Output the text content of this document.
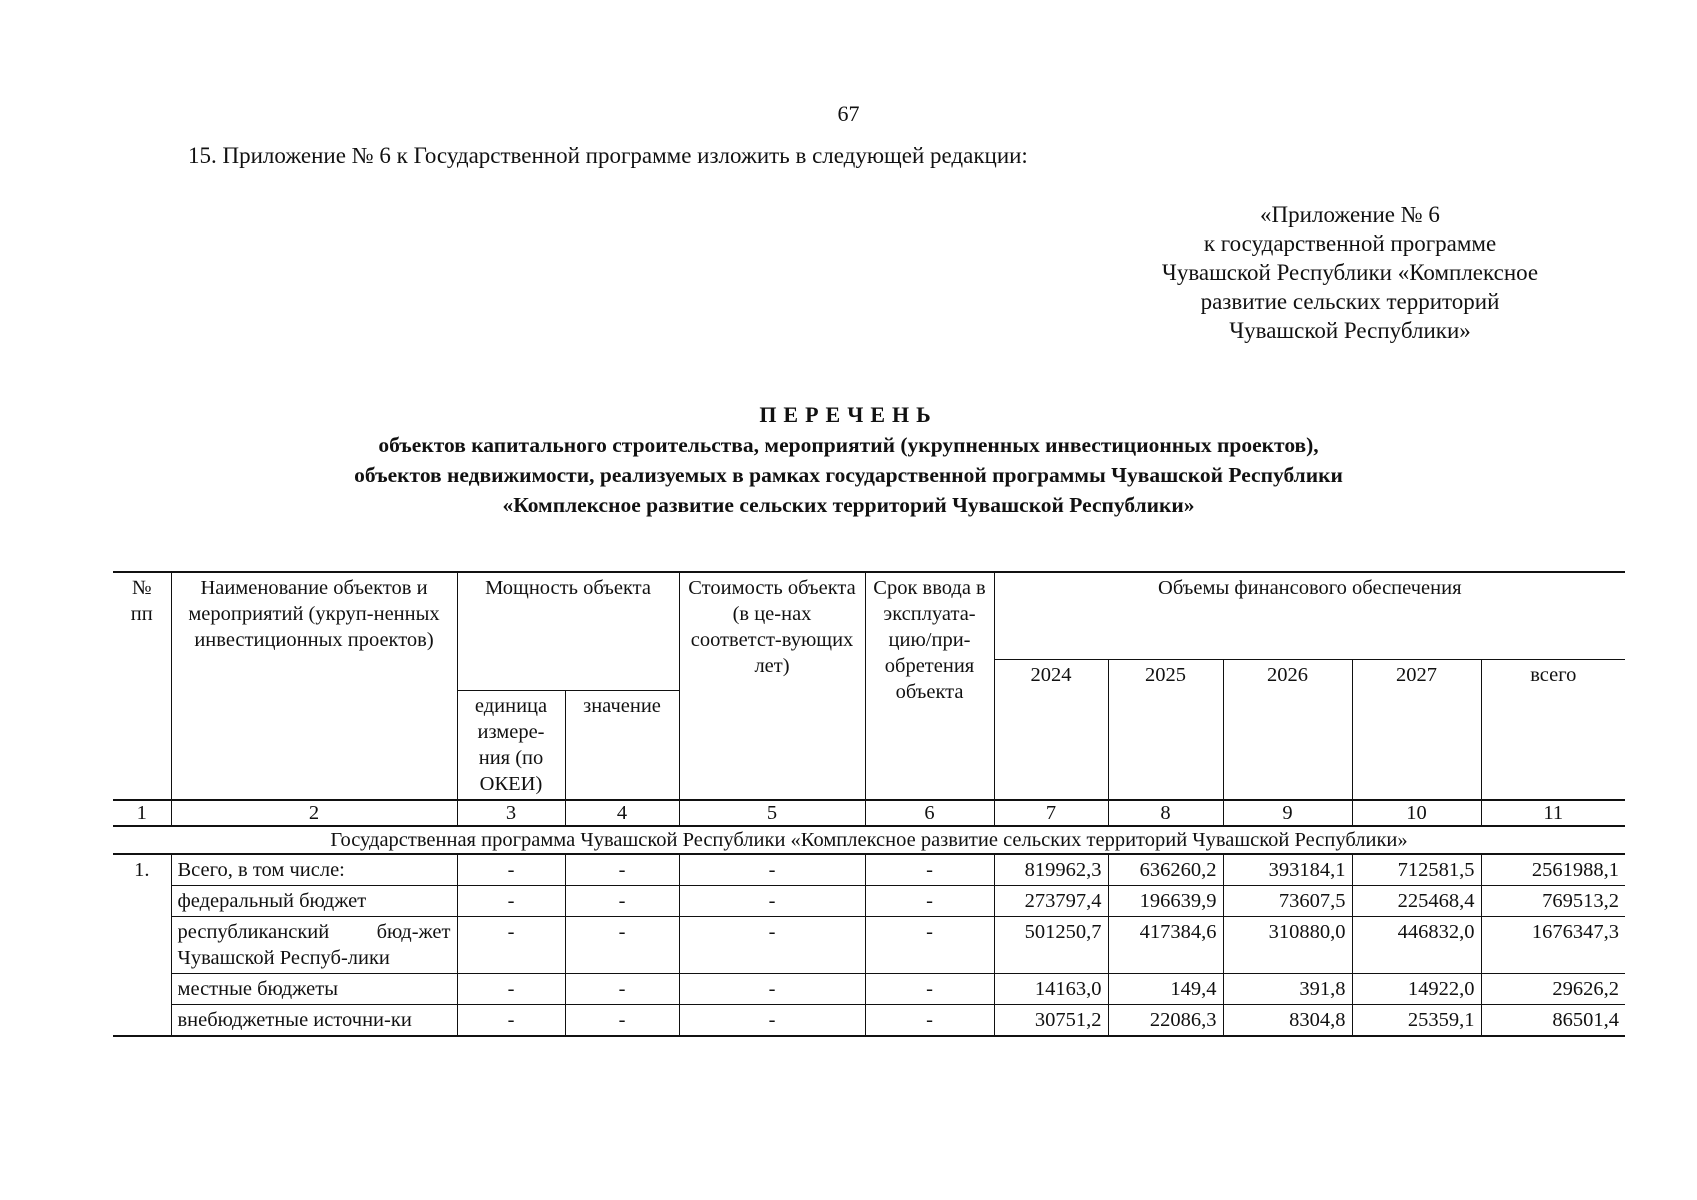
67
15. Приложение № 6 к Государственной программе изложить в следующей редакции:
«Приложение № 6
к государственной программе
Чувашской Республики «Комплексное
развитие сельских территорий
Чувашской Республики»
ПЕРЕЧЕНЬ
объектов капитального строительства, мероприятий (укрупненных инвестиционных проектов),
объектов недвижимости, реализуемых в рамках государственной программы Чувашской Республики
«Комплексное развитие сельских территорий Чувашской Республики»
№ пп	Наименование объектов и мероприятий (укруп-ненных инвестиционных проектов)	Мощность объекта		Стоимость объекта (в це-нах соответст-вующих лет)	Срок ввода в эксплуата-цию/при-обретения объекта	Объемы финансового обеспечения				
						2024	2025	2026	2027	всего
		единица измере-ния (по ОКЕИ)	значение							
1	2	3	4	5	6	7	8	9	10	11
Государственная программа Чувашской Республики «Комплексное развитие сельских территорий Чувашской Республики»										
1.	Всего, в том числе:	-	-	-	-	819962,3	636260,2	393184,1	712581,5	2561988,1
	федеральный бюджет	-	-	-	-	273797,4	196639,9	73607,5	225468,4	769513,2
	республиканский бюд-жет Чувашской Респуб-лики	-	-	-	-	501250,7	417384,6	310880,0	446832,0	1676347,3
	местные бюджеты	-	-	-	-	14163,0	149,4	391,8	14922,0	29626,2
	внебюджетные источни-ки	-	-	-	-	30751,2	22086,3	8304,8	25359,1	86501,4
